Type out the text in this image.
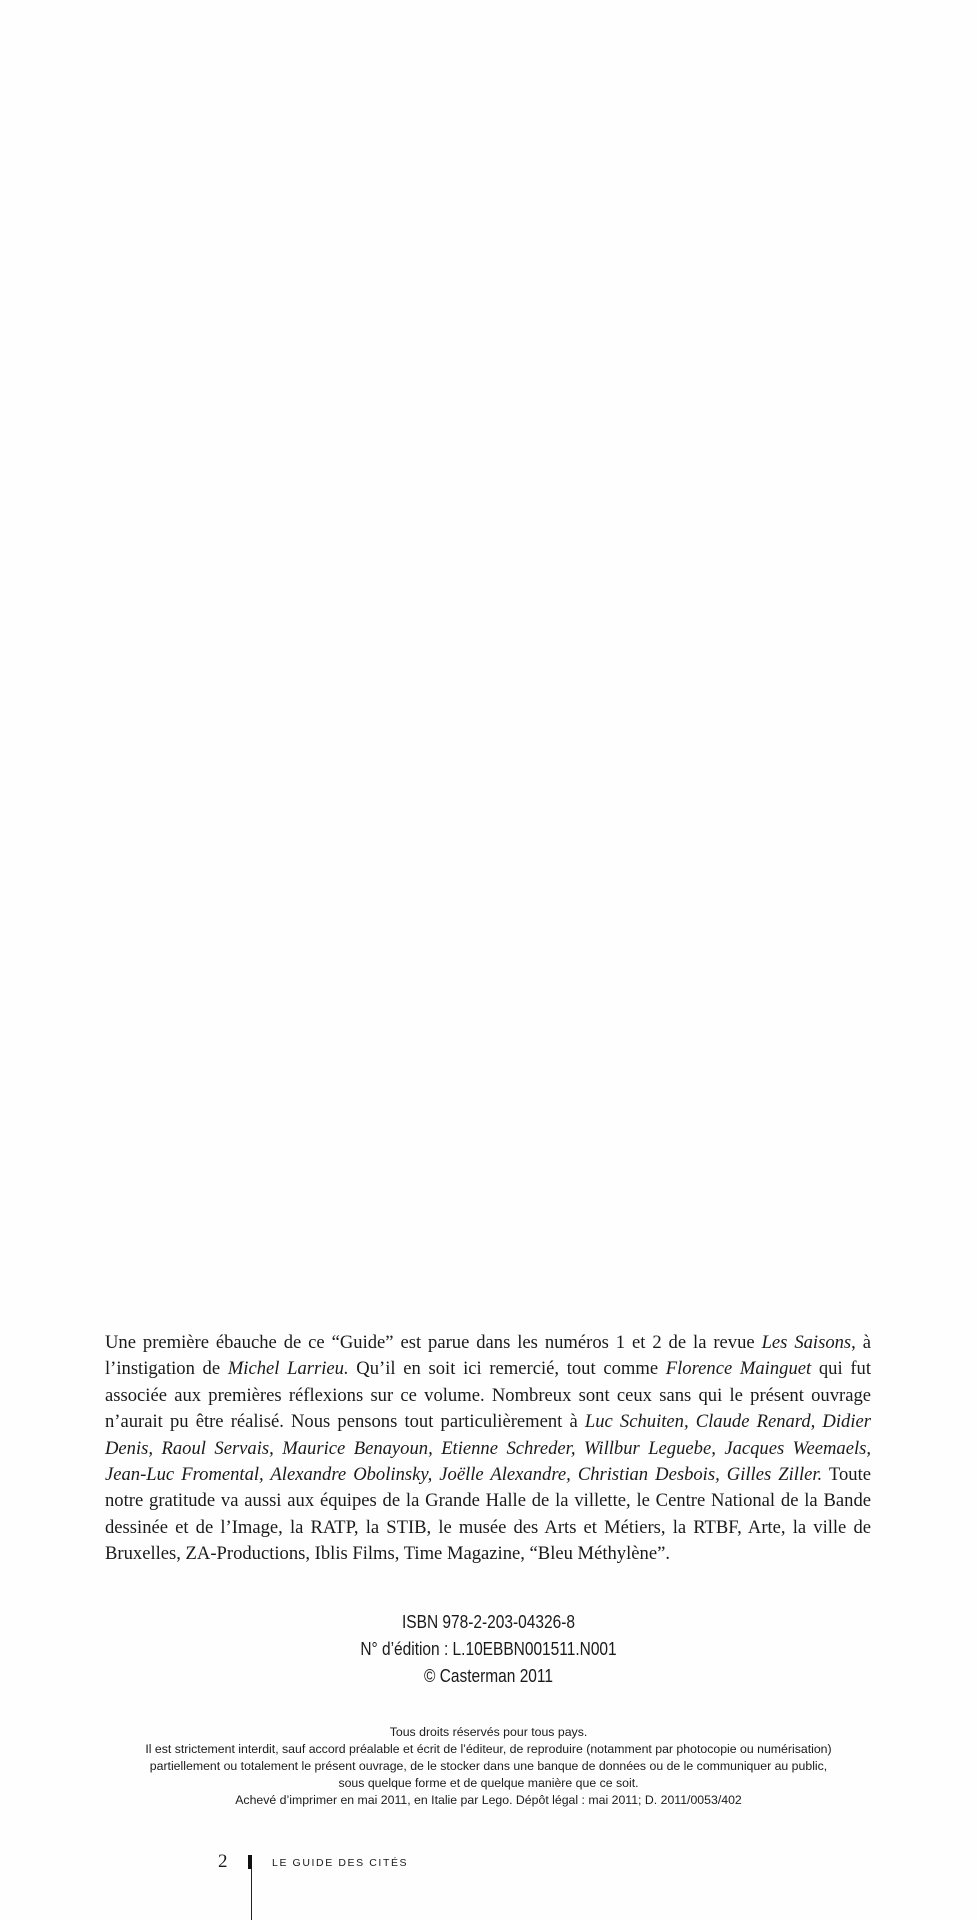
Une première ébauche de ce “Guide” est parue dans les numéros 1 et 2 de la revue Les Saisons, à l’instigation de Michel Larrieu. Qu’il en soit ici remercié, tout comme Florence Mainguet qui fut associée aux premières réflexions sur ce volume. Nombreux sont ceux sans qui le présent ouvrage n’aurait pu être réalisé. Nous pensons tout particulièrement à Luc Schuiten, Claude Renard, Didier Denis, Raoul Servais, Maurice Benayoun, Etienne Schreder, Willbur Leguebe, Jacques Weemaels, Jean-Luc Fromental, Alexandre Obolinsky, Joëlle Alexandre, Christian Desbois, Gilles Ziller. Toute notre gratitude va aussi aux équipes de la Grande Halle de la villette, le Centre National de la Bande dessinée et de l’Image, la RATP, la STIB, le musée des Arts et Métiers, la RTBF, Arte, la ville de Bruxelles, ZA-Productions, Iblis Films, Time Magazine, “Bleu Méthylène”.

ISBN 978-2-203-04326-8
N° d’édition : L.10EBBN001511.N001
© Casterman 2011
Tous droits réservés pour tous pays.
Il est strictement interdit, sauf accord préalable et écrit de l’éditeur, de reproduire (notamment par photocopie ou numérisation)
partiellement ou totalement le présent ouvrage, de le stocker dans une banque de données ou de le communiquer au public,
sous quelque forme et de quelque manière que ce soit.
Achevé d’imprimer en mai 2011, en Italie par Lego. Dépôt légal : mai 2011; D. 2011/0053/402
2	LE GUIDE DES CITÉS
